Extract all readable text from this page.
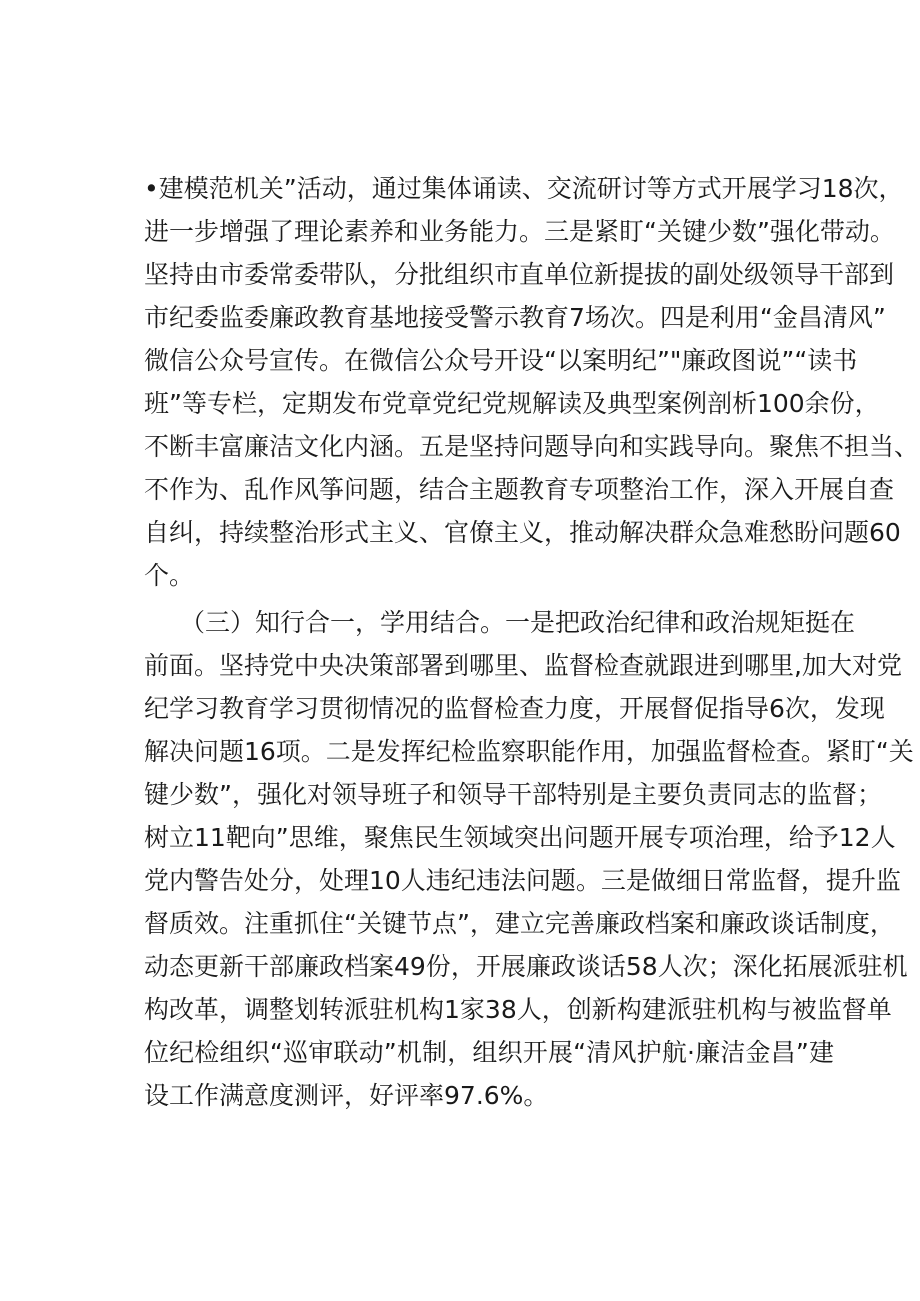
•建模范机关”活动，通过集体诵读、交流研讨等方式开展学习18次，
进一步增强了理论素养和业务能力。三是紧盯“关键少数”强化带动。
坚持由市委常委带队，分批组织市直单位新提拔的副处级领导干部到
市纪委监委廉政教育基地接受警示教育7场次。四是利用“金昌清风”
微信公众号宣传。在微信公众号开设“以案明纪”"廉政图说”“读书
班”等专栏，定期发布党章党纪党规解读及典型案例剖析100余份，
不断丰富廉洁文化内涵。五是坚持问题导向和实践导向。聚焦不担当、
不作为、乱作风筝问题，结合主题教育专项整治工作，深入开展自查
自纠，持续整治形式主义、官僚主义，推动解决群众急难愁盼问题60
个。
（三）知行合一，学用结合。一是把政治纪律和政治规矩挺在
前面。坚持党中央决策部署到哪里、监督检查就跟进到哪里,加大对党
纪学习教育学习贯彻情况的监督检查力度，开展督促指导6次，发现
解决问题16项。二是发挥纪检监察职能作用，加强监督检查。紧盯“关
键少数”，强化对领导班子和领导干部特别是主要负责同志的监督；
树立11靶向”思维，聚焦民生领域突出问题开展专项治理，给予12人
党内警告处分，处理10人违纪违法问题。三是做细日常监督，提升监
督质效。注重抓住“关键节点”，建立完善廉政档案和廉政谈话制度，
动态更新干部廉政档案49份，开展廉政谈话58人次；深化拓展派驻机
构改革，调整划转派驻机构1家38人，创新构建派驻机构与被监督单
位纪检组织“巡审联动”机制，组织开展“清风护航·廉洁金昌”建
设工作满意度测评，好评率97.6%。
